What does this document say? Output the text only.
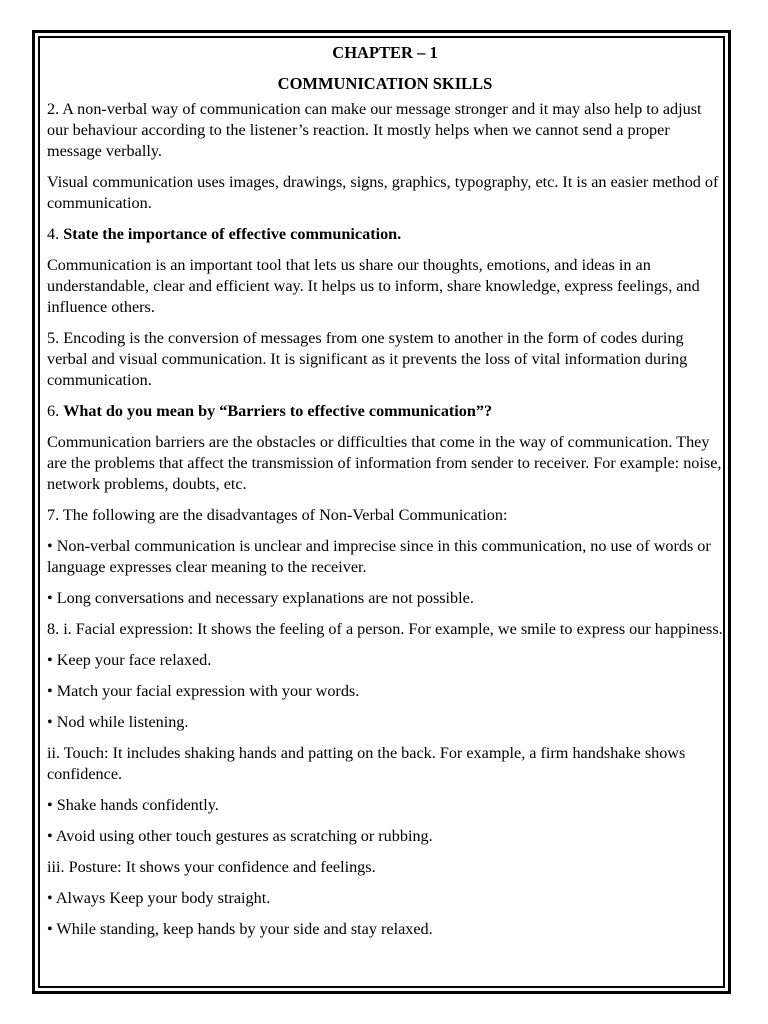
CHAPTER – 1
COMMUNICATION SKILLS

2. A non-verbal way of communication can make our message stronger and it may also help to adjust our behaviour according to the listener’s reaction. It mostly helps when we cannot send a proper message verbally.

Visual communication uses images, drawings, signs, graphics, typography, etc. It is an easier method of communication.

4. State the importance of effective communication.

Communication is an important tool that lets us share our thoughts, emotions, and ideas in an understandable, clear and efficient way. It helps us to inform, share knowledge, express feelings, and influence others.

5. Encoding is the conversion of messages from one system to another in the form of codes during verbal and visual communication. It is significant as it prevents the loss of vital information during communication.

6. What do you mean by “Barriers to effective communication”?

Communication barriers are the obstacles or difficulties that come in the way of communication. They are the problems that affect the transmission of information from sender to receiver. For example: noise, network problems, doubts, etc.

7. The following are the disadvantages of Non-Verbal Communication:

• Non-verbal communication is unclear and imprecise since in this communication, no use of words or language expresses clear meaning to the receiver.

• Long conversations and necessary explanations are not possible.

8. i. Facial expression: It shows the feeling of a person. For example, we smile to express our happiness.

• Keep your face relaxed.

• Match your facial expression with your words.

• Nod while listening.

ii. Touch: It includes shaking hands and patting on the back. For example, a firm handshake shows confidence.

• Shake hands confidently.

• Avoid using other touch gestures as scratching or rubbing.

iii. Posture: It shows your confidence and feelings.

• Always Keep your body straight.

• While standing, keep hands by your side and stay relaxed.
